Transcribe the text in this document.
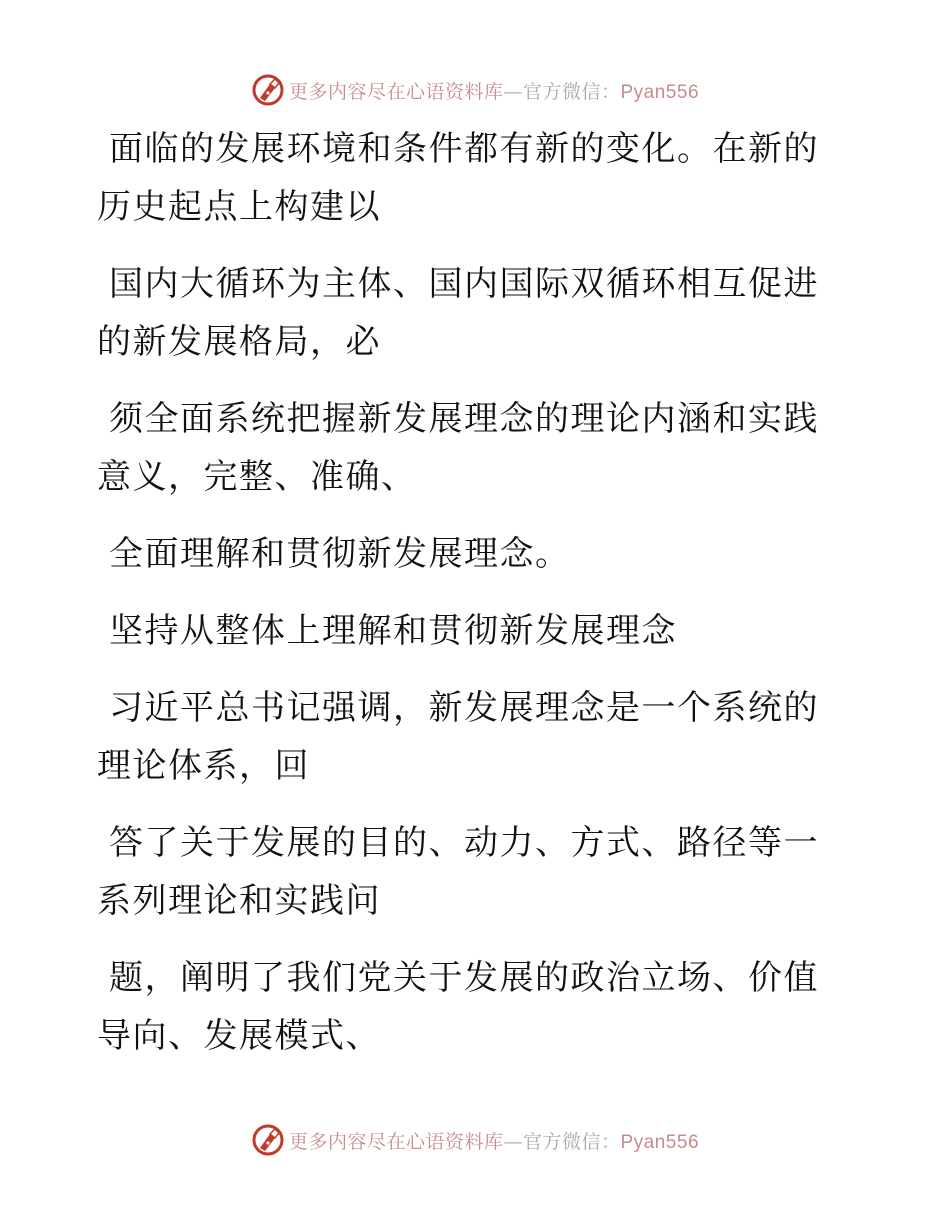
更多内容尽在心语资料库—官方微信：Pyan556

面临的发展环境和条件都有新的变化。在新的历史起点上构建以

国内大循环为主体、国内国际双循环相互促进的新发展格局，必

须全面系统把握新发展理念的理论内涵和实践意义，完整、准确、

全面理解和贯彻新发展理念。

坚持从整体上理解和贯彻新发展理念

习近平总书记强调，新发展理念是一个系统的理论体系，回

答了关于发展的目的、动力、方式、路径等一系列理论和实践问

题，阐明了我们党关于发展的政治立场、价值导向、发展模式、

更多内容尽在心语资料库—官方微信：Pyan556
